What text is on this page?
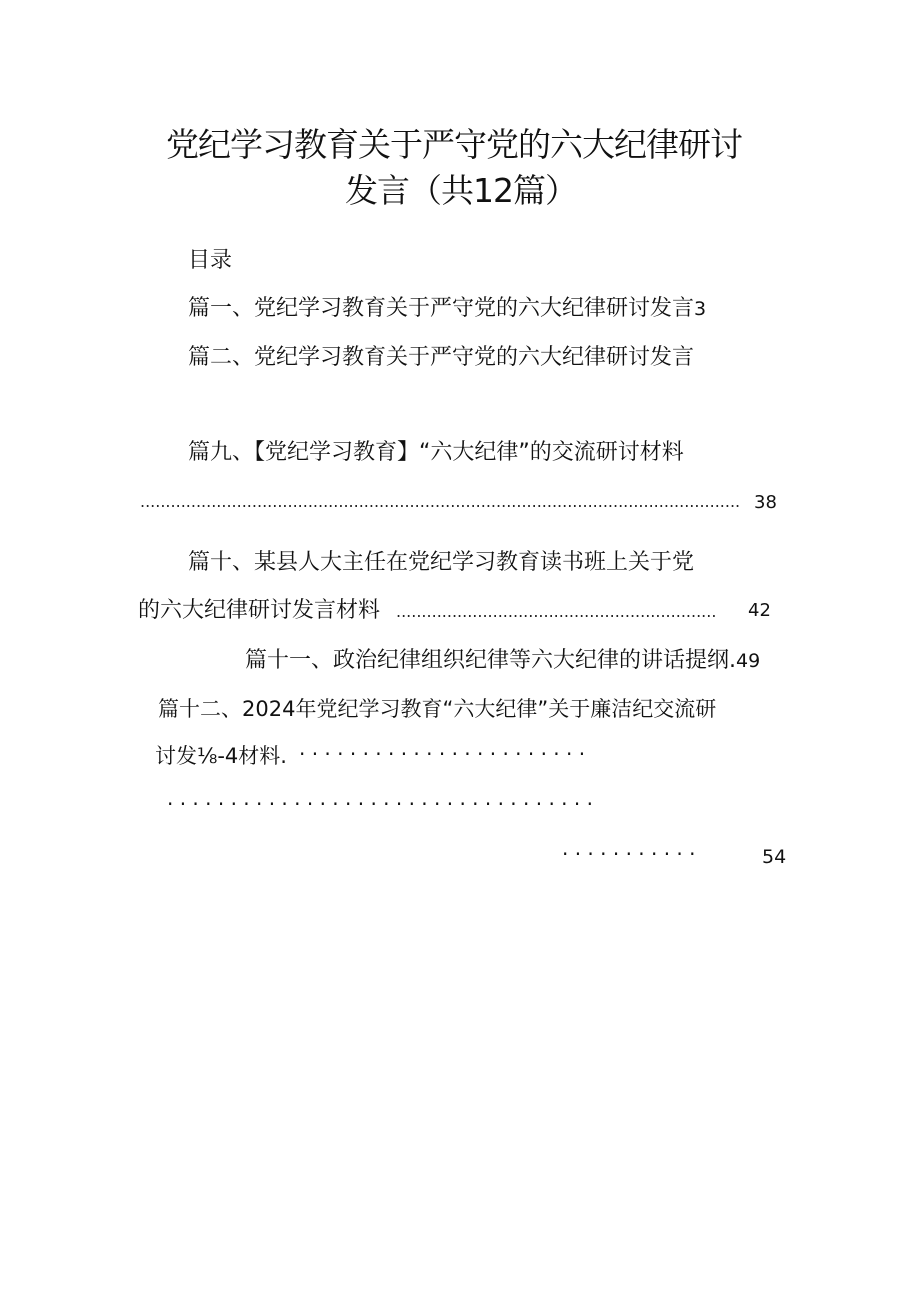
党纪学习教育关于严守党的六大纪律研讨
发言（共12篇）
目录
篇一、党纪学习教育关于严守党的六大纪律研讨发言3
篇二、党纪学习教育关于严守党的六大纪律研讨发言
篇九、【党纪学习教育】“六大纪律”的交流研讨材料
...................................................................................................................... 38
篇十、某县人大主任在党纪学习教育读书班上关于党
的六大纪律研讨发言材料 ...............................................................	42
篇十一、政治纪律组织纪律等六大纪律的讲话提纲.49
篇十二、2024年党纪学习教育“六大纪律”关于廉洁纪交流研
讨发⅛-4材料. · · · · · · · · · · · · · · · · · · · · · · ·
· · · · · · · · · · · · · · · · · · · · · · · · · · · · · · · · · ·
· · · · · · · · · · ·	54
